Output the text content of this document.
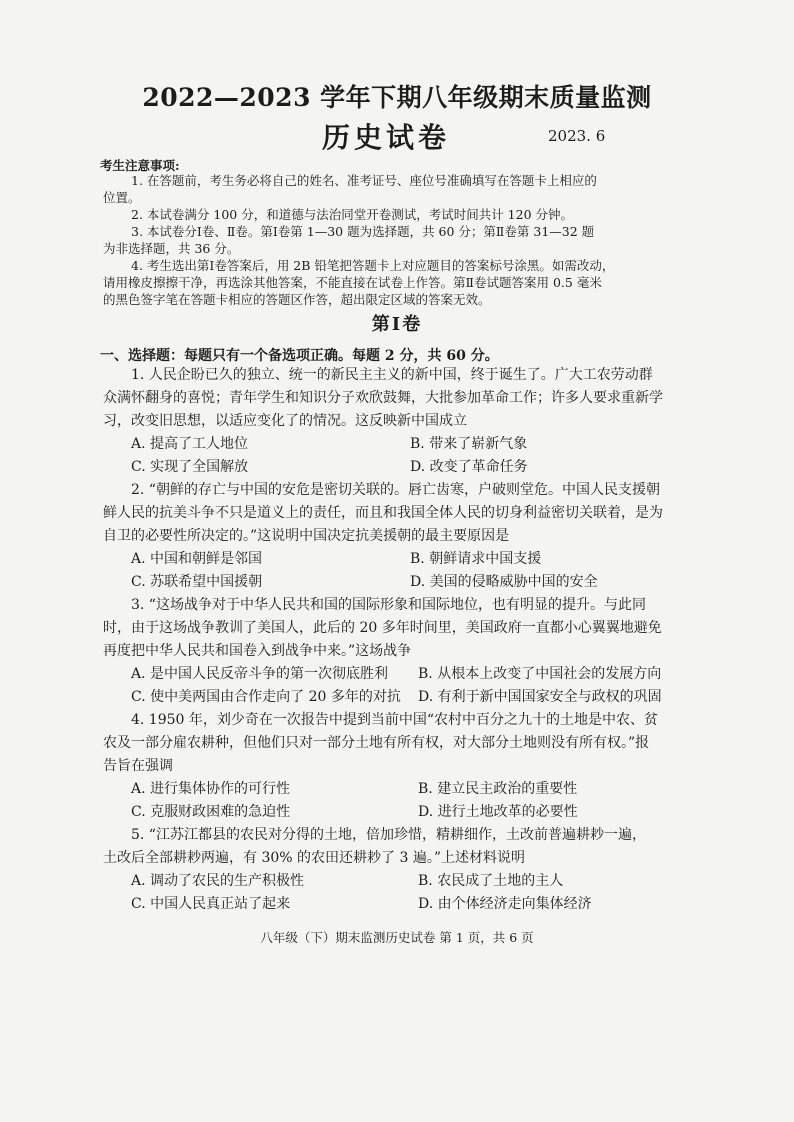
2022—2023 学年下期八年级期末质量监测
历史试卷	2023. 6
考生注意事项:
1. 在答题前，考生务必将自己的姓名、准考证号、座位号准确填写在答题卡上相应的
位置。
2. 本试卷满分 100 分，和道德与法治同堂开卷测试，考试时间共计 120 分钟。
3. 本试卷分Ⅰ卷、Ⅱ卷。第Ⅰ卷第 1—30 题为选择题，共 60 分；第Ⅱ卷第 31—32 题
为非选择题，共 36 分。
4. 考生选出第Ⅰ卷答案后，用 2B 铅笔把答题卡上对应题目的答案标号涂黑。如需改动，
请用橡皮擦擦干净，再选涂其他答案，不能直接在试卷上作答。第Ⅱ卷试题答案用 0.5 毫米
的黑色签字笔在答题卡相应的答题区作答，超出限定区域的答案无效。
第Ⅰ卷
一、选择题：每题只有一个备选项正确。每题 2 分，共 60 分。
1. 人民企盼已久的独立、统一的新民主主义的新中国，终于诞生了。广大工农劳动群
众满怀翻身的喜悦；青年学生和知识分子欢欣鼓舞，大批参加革命工作；许多人要求重新学
习，改变旧思想，以适应变化了的情况。这反映新中国成立
A. 提高了工人地位	B. 带来了崭新气象
C. 实现了全国解放	D. 改变了革命任务
2. “朝鲜的存亡与中国的安危是密切关联的。唇亡齿寒，户破则堂危。中国人民支援朝
鲜人民的抗美斗争不只是道义上的责任，而且和我国全体人民的切身利益密切关联着，是为
自卫的必要性所决定的。”这说明中国决定抗美援朝的最主要原因是
A. 中国和朝鲜是邻国	B. 朝鲜请求中国支援
C. 苏联希望中国援朝	D. 美国的侵略威胁中国的安全
3. “这场战争对于中华人民共和国的国际形象和国际地位，也有明显的提升。与此同
时，由于这场战争教训了美国人，此后的 20 多年时间里，美国政府一直都小心翼翼地避免
再度把中华人民共和国卷入到战争中来。”这场战争
A. 是中国人民反帝斗争的第一次彻底胜利 B. 从根本上改变了中国社会的发展方向
C. 使中美两国由合作走向了 20 多年的对抗 D. 有利于新中国国家安全与政权的巩固
4. 1950 年，刘少奇在一次报告中提到当前中国“农村中百分之九十的土地是中农、贫
农及一部分雇农耕种，但他们只对一部分土地有所有权，对大部分土地则没有所有权。”报
告旨在强调
A. 进行集体协作的可行性	B. 建立民主政治的重要性
C. 克服财政困难的急迫性	D. 进行土地改革的必要性
5. “江苏江都县的农民对分得的土地，倍加珍惜，精耕细作，土改前普遍耕耖一遍，
土改后全部耕耖两遍，有 30% 的农田还耕耖了 3 遍。”上述材料说明
A. 调动了农民的生产积极性	B. 农民成了土地的主人
C. 中国人民真正站了起来	D. 由个体经济走向集体经济
八年级（下）期末监测历史试卷 第 1 页，共 6 页
